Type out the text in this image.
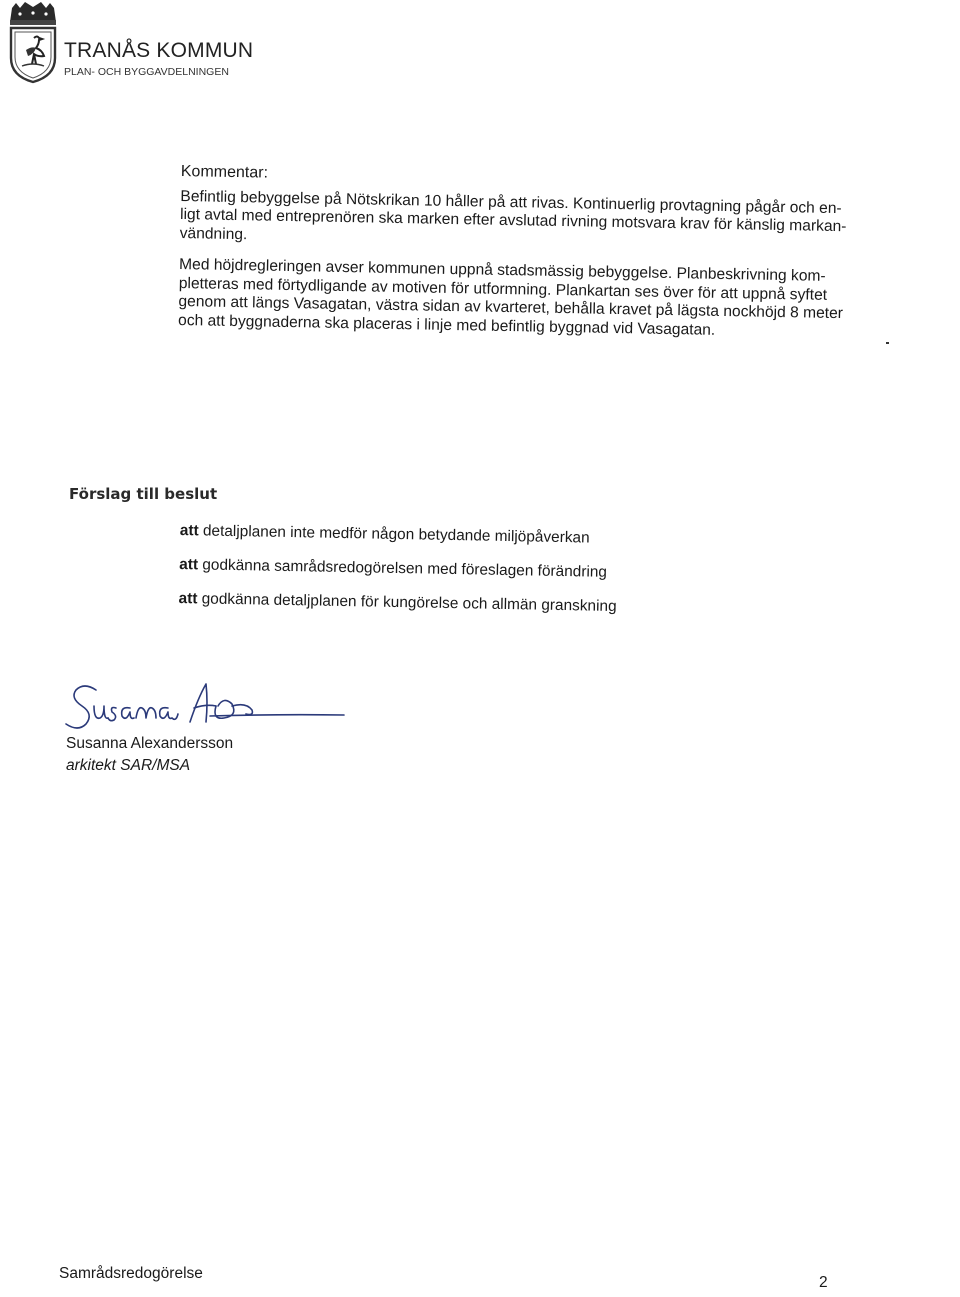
TRANÅS KOMMUN
PLAN- OCH BYGGAVDELNINGEN
Kommentar:

Befintlig bebyggelse på Nötskrikan 10 håller på att rivas. Kontinuerlig provtagning pågår och en-ligt avtal med entreprenören ska marken efter avslutad rivning motsvara krav för känslig markan-vändning.

Med höjdregleringen avser kommunen uppnå stadsmässig bebyggelse. Planbeskrivning kom-pletteras med förtydligande av motiven för utformning. Plankartan ses över för att uppnå syftet genom att längs Vasagatan, västra sidan av kvarteret, behålla kravet på lägsta nockhöjd 8 meter och att byggnaderna ska placeras i linje med befintlig byggnad vid Vasagatan.

Förslag till beslut
att detaljplanen inte medför någon betydande miljöpåverkan
att godkänna samrådsredogörelsen med föreslagen förändring
att godkänna detaljplanen för kungörelse och allmän granskning
Susanna Alexandersson
arkitekt SAR/MSA
Samrådsredogörelse
2
